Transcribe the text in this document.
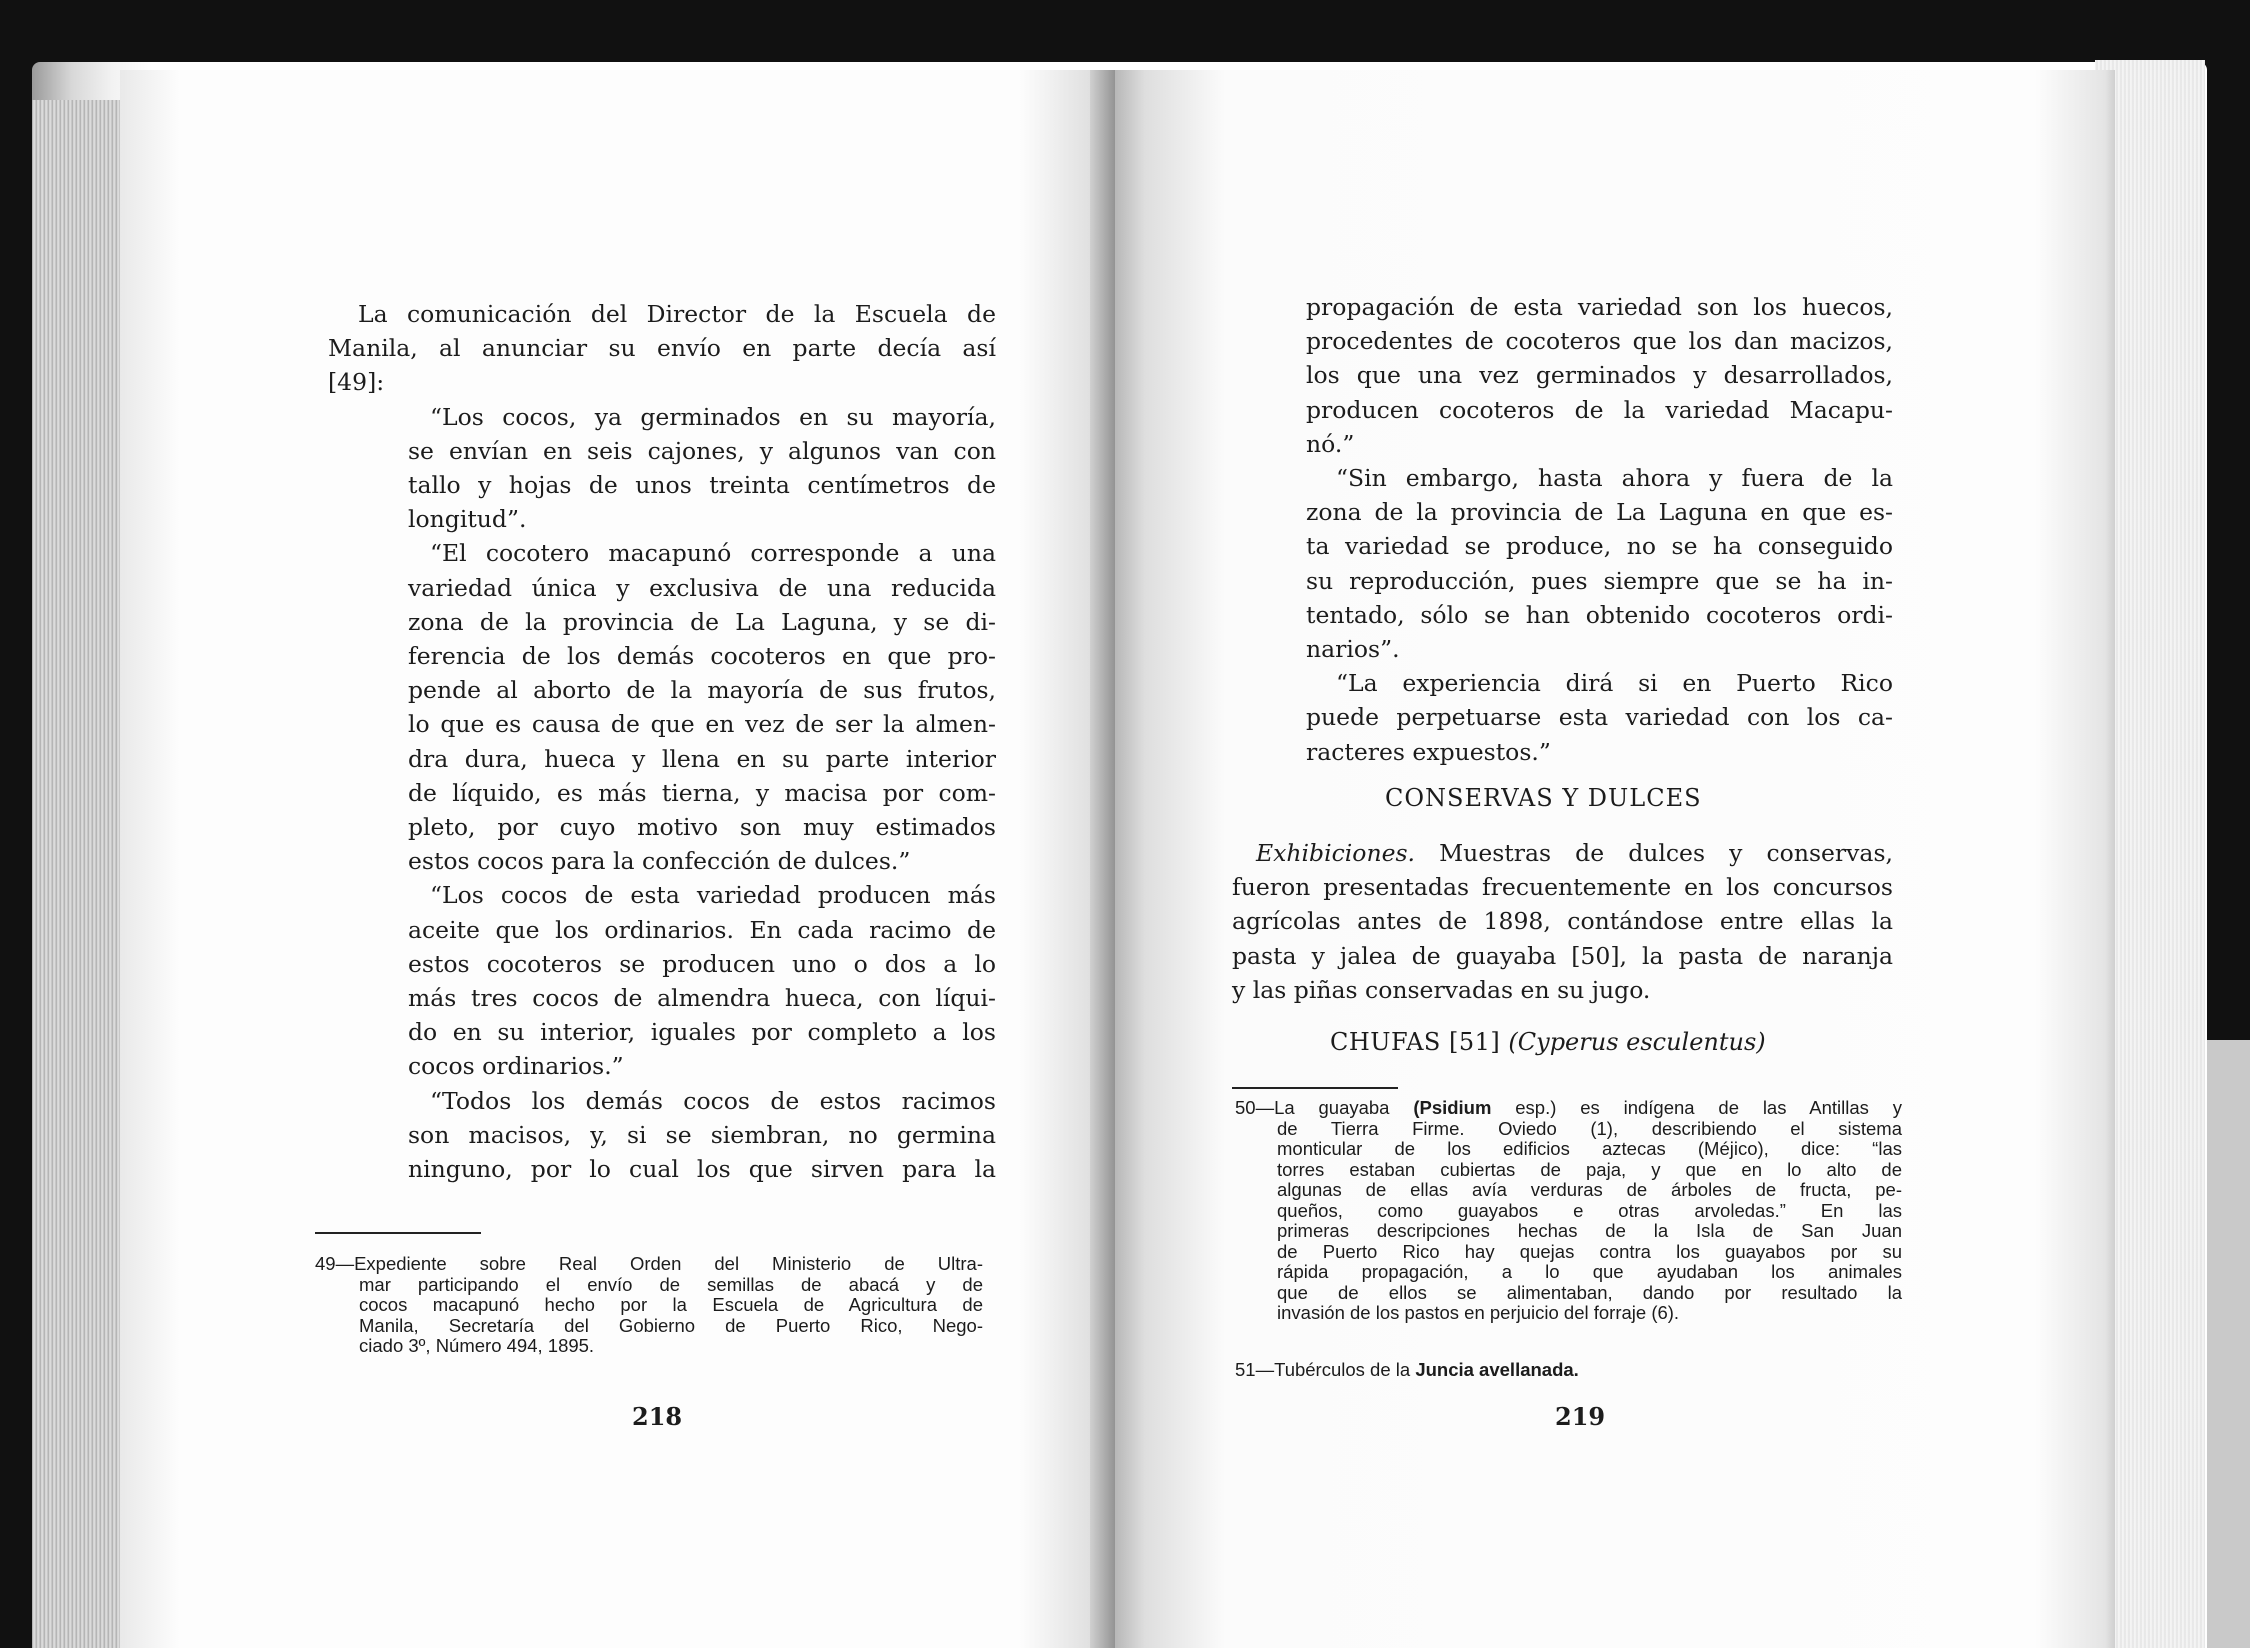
La comunicación del Director de la Escuela de
Manila, al anunciar su envío en parte decía así
[49]:
“Los cocos, ya germinados en su mayoría,
se envían en seis cajones, y algunos van con
tallo y hojas de unos treinta centímetros de
longitud”.
“El cocotero macapunó corresponde a una
variedad única y exclusiva de una reducida
zona de la provincia de La Laguna, y se di-
ferencia de los demás cocoteros en que pro-
pende al aborto de la mayoría de sus frutos,
lo que es causa de que en vez de ser la almen-
dra dura, hueca y llena en su parte interior
de líquido, es más tierna, y macisa por com-
pleto, por cuyo motivo son muy estimados
estos cocos para la confección de dulces.”
“Los cocos de esta variedad producen más
aceite que los ordinarios. En cada racimo de
estos cocoteros se producen uno o dos a lo
más tres cocos de almendra hueca, con líqui-
do en su interior, iguales por completo a los
cocos ordinarios.”
“Todos los demás cocos de estos racimos
son macisos, y, si se siembran, no germina
ninguno, por lo cual los que sirven para la
49—Expediente sobre Real Orden del Ministerio de Ultra-
mar participando el envío de semillas de abacá y de
cocos macapunó hecho por la Escuela de Agricultura de
Manila, Secretaría del Gobierno de Puerto Rico, Nego-
ciado 3º, Número 494, 1895.
218
propagación de esta variedad son los huecos,
procedentes de cocoteros que los dan macizos,
los que una vez germinados y desarrollados,
producen cocoteros de la variedad Macapu-
nó.”
“Sin embargo, hasta ahora y fuera de la
zona de la provincia de La Laguna en que es-
ta variedad se produce, no se ha conseguido
su reproducción, pues siempre que se ha in-
tentado, sólo se han obtenido cocoteros ordi-
narios”.
“La experiencia dirá si en Puerto Rico
puede perpetuarse esta variedad con los ca-
racteres expuestos.”
CONSERVAS Y DULCES
Exhibiciones. Muestras de dulces y conservas,
fueron presentadas frecuentemente en los concursos
agrícolas antes de 1898, contándose entre ellas la
pasta y jalea de guayaba [50], la pasta de naranja
y las piñas conservadas en su jugo.
CHUFAS [51] (Cyperus esculentus)
50—La guayaba (Psidium esp.) es indígena de las Antillas y
de Tierra Firme. Oviedo (1), describiendo el sistema
monticular de los edificios aztecas (Méjico), dice: “las
torres estaban cubiertas de paja, y que en lo alto de
algunas de ellas avía verduras de árboles de fructa, pe-
queños, como guayabos e otras arvoledas.” En las
primeras descripciones hechas de la Isla de San Juan
de Puerto Rico hay quejas contra los guayabos por su
rápida propagación, a lo que ayudaban los animales
que de ellos se alimentaban, dando por resultado la
invasión de los pastos en perjuicio del forraje (6).
51—Tubérculos de la Juncia avellanada.
219
